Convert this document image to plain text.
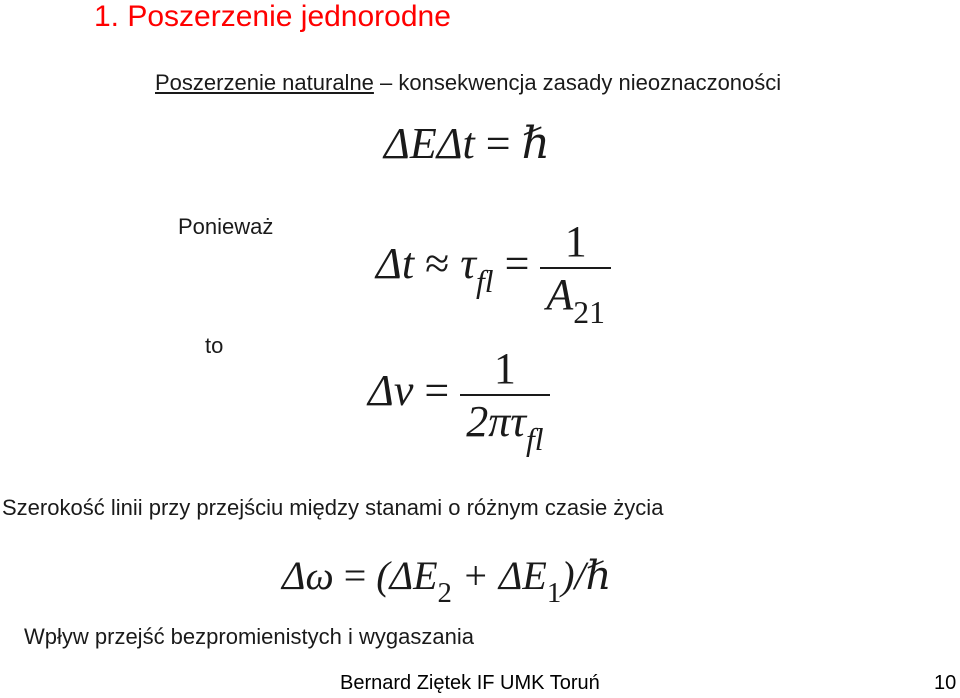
1. Poszerzenie jednorodne
Poszerzenie naturalne – konsekwencja zasady nieoznaczoności
ΔEΔt = ℏ
Ponieważ
$\Delta t \approx \tau_{fl} = \frac{1}{A_{21}}$
to
$\Delta\nu = \frac{1}{2\pi\tau_{fl}}$
Szerokość linii przy przejściu między stanami o różnym czasie życia
$\Delta\omega = (\Delta E_2$ + $\Delta E_1)/\hbar$
Wpływ przejść bezpromienistych i wygaszania
Bernard Ziętek IF UMK Toruń	10
